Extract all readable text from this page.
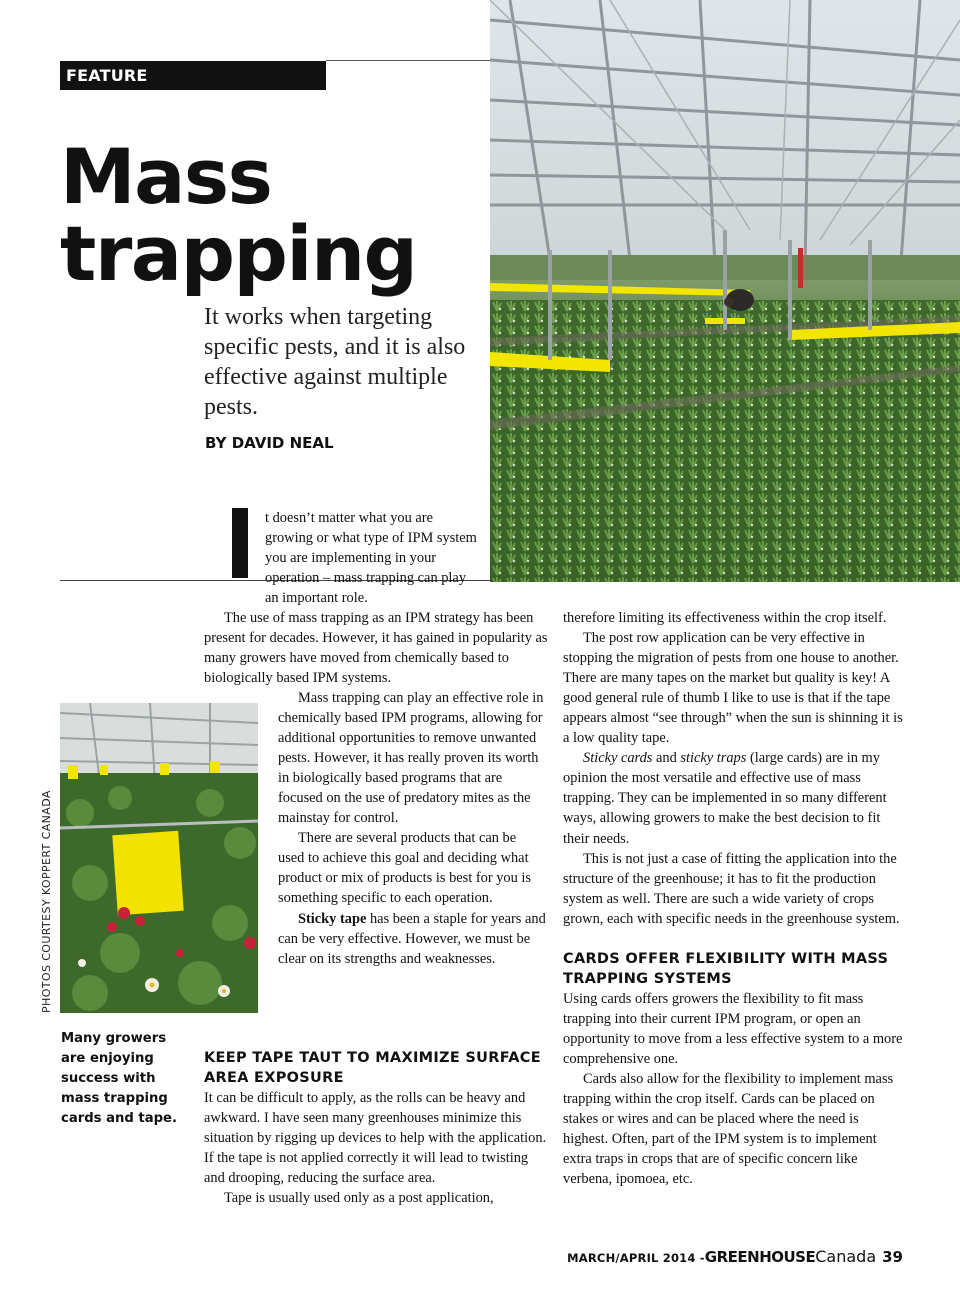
FEATURE
Mass
trapping

It works when targeting specific pests, and it is also effective against multiple pests.

BY DAVID NEAL

t doesn’t matter what you are growing or what type of IPM system you are implementing in your operation – mass trapping can play an important role.

The use of mass trapping as an IPM strategy has been present for decades. However, it has gained in popularity as many growers have moved from chemically based to biologically based IPM systems.

Mass trapping can play an effective role in chemically based IPM programs, allowing for additional opportunities to remove unwanted pests. However, it has really proven its worth in biologically based programs that are focused on the use of predatory mites as the mainstay for control.

There are several products that can be used to achieve this goal and deciding what product or mix of products is best for you is something specific to each operation.

Sticky tape has been a staple for years and can be very effective. However, we must be clear on its strengths and weaknesses.

KEEP TAPE TAUT TO MAXIMIZE SURFACE AREA EXPOSURE

It can be difficult to apply, as the rolls can be heavy and awkward. I have seen many greenhouses minimize this situation by rigging up devices to help with the application. If the tape is not applied correctly it will lead to twisting and drooping, reducing the surface area.

Tape is usually used only as a post application,

therefore limiting its effectiveness within the crop itself.

The post row application can be very effective in stopping the migration of pests from one house to another. There are many tapes on the market but quality is key! A good general rule of thumb I like to use is that if the tape appears almost “see through” when the sun is shinning it is a low quality tape.

Sticky cards and sticky traps (large cards) are in my opinion the most versatile and effective use of mass trapping. They can be implemented in so many different ways, allowing growers to make the best decision to fit their needs.

This is not just a case of fitting the application into the structure of the greenhouse; it has to fit the production system as well. There are such a wide variety of crops grown, each with specific needs in the greenhouse system.

CARDS OFFER FLEXIBILITY WITH MASS TRAPPING SYSTEMS

Using cards offers growers the flexibility to fit mass trapping into their current IPM program, or open an opportunity to move from a less effective system to a more comprehensive one.

Cards also allow for the flexibility to implement mass trapping within the crop itself. Cards can be placed on stakes or wires and can be placed where the need is highest. Often, part of the IPM system is to implement extra traps in crops that are of specific concern like verbena, ipomoea, etc.

PHOTOS COURTESY KOPPERT CANADA

Many growers are enjoying success with mass trapping cards and tape.

MARCH/APRIL 2014 -GREENHOUSECanada 39
